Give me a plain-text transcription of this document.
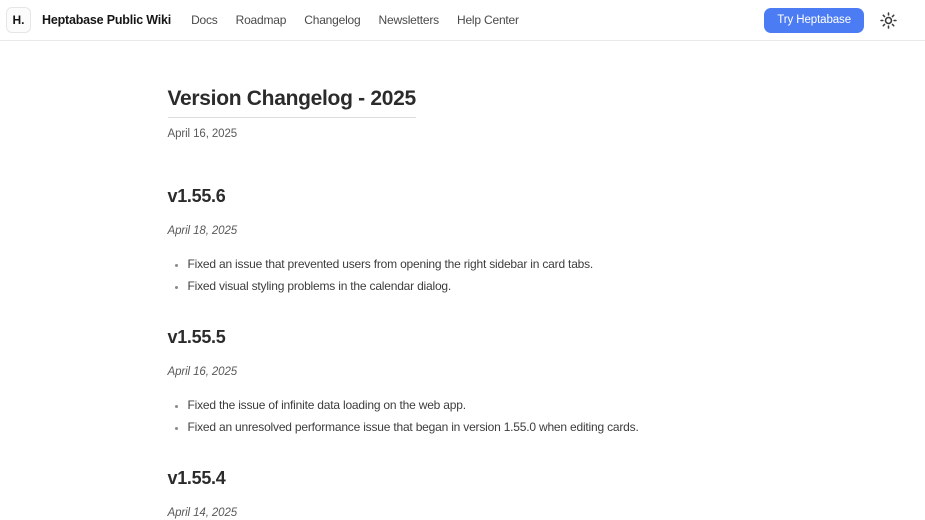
H. Heptabase Public Wiki Docs Roadmap Changelog Newsletters Help Center	Try Heptabase
Version Changelog - 2025

April 16, 2025

v1.55.6

April 18, 2025

• Fixed an issue that prevented users from opening the right sidebar in card tabs.
• Fixed visual styling problems in the calendar dialog.
v1.55.5

April 16, 2025

• Fixed the issue of infinite data loading on the web app.
• Fixed an unresolved performance issue that began in version 1.55.0 when editing cards.
v1.55.4

April 14, 2025
